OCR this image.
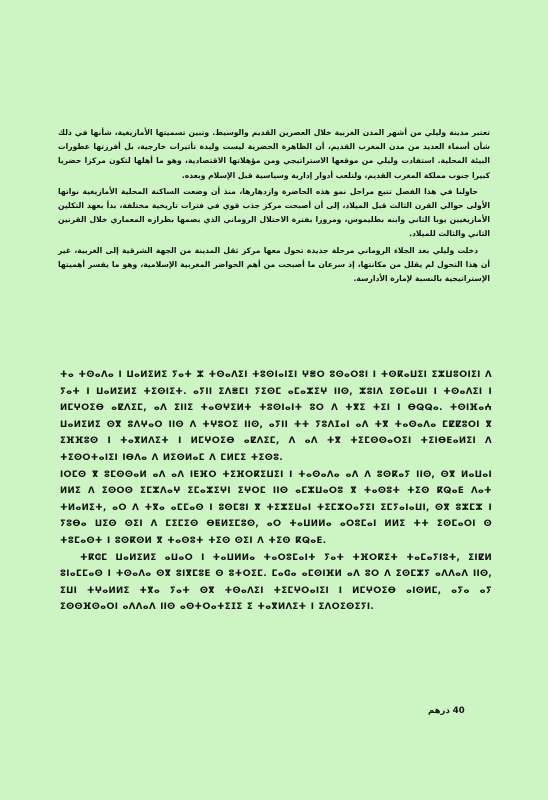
تعتبر مدينة وليلي من أشهر المدن الغربية خلال العصرين القديم والوسيط. وتبين تسميتها الأمازيغية، شأنها في ذلك شأن أسماء العديد من مدن المغرب القديم، أن الظاهرة الحضرية ليست وليدة تأثيرات خارجية، بل أفرزتها عطورات البيئة المحلية. استفادت وليلي من موقعها الاستراتيجي ومن مؤهلاتها الاقتصادية، وهو ما أهلها لتكون مركزا حضريا كبيرا جنوب مملكة المغرب القديم، ولتلعب أدوار إدارية وسياسية قبل الإسلام وبعده.

حاولنا في هذا الفصل تتبع مراحل نمو هذه الحاضرة وازدهارها، منذ أن وضعت الساكنة المحلية الأمازيغية نواتها الأولى حوالي القرن الثالث قبل الميلاد، إلى أن أصبحت مركز جذب قوي في فترات تاريخية مختلفة، بدأ بعهد التكلين الأمازيغيين يوبا الثاني وابنه بطليموس، ومرورا بفترة الاحتلال الروماني الذي بصمها بطرازه المعماري خلال القرنين الثاني والثالث للميلاد.

دخلت وليلي بعد الجلاء الروماني مرحلة جديدة تحول معها مركز ثقل المدينة من الجهة الشرقية إلى الغربية، غير أن هذا التحول لم يقلل من مكانتها، إذ سرعان ما أصبحت من أهم الحواضر المغربية الإسلامية، وهو ما يفسر أهميتها الإستراتيجية بالنسبة لإمارة الأدارسة.

ⵜⴰ ⵜⵙⴰⴷⴰ ⵏ ⵡⴰⵍⵉⵍⵉ ⵢⴰⵜ ⵣ ⵜⵙⴰⴷⵉⵏ ⵜⵓⵙⵏⴰⵏⵉⵏ ⵖⴻⵔ ⵓⵙⴰⵔⵓⵏ ⵏ ⵜⵙⴽⴰⵡⵉⵏ ⵉⵣⵡⵓⵔⵏⵉⵏ ⴷ ⵢⴰⵜ ⵏ ⵡⴰⵍⵉⵍⵉ ⵜⵉⵙⵏⵉⵜ. ⴰⵢⵏⵏ ⵉⴷⴻⵎⵏ ⵢⵉⵙⵎ ⴰⵎⴰⵣⵉⵖ ⵏⵏⵙ, ⵣⵓⵏⴷ ⵉⵙⵎⴰⵡⵏ ⵏ ⵜⵙⴰⴷⵉⵏ ⵏ ⵍⵎⵖⵔⵉⴱ ⴰⵇⴷⵉⵎ, ⴰⴷ ⵉⵏⵏⵉ ⵜⴰⵙⵖⵉⵍⵜ ⵜⵓⵙⵏⴰⵏⵜ ⵓⵔ ⴷ ⵜⴳⵉ ⵜⵉⵏ ⵏ ⴱⵕⵕⴰ. ⵜⵙⵏⴼⴰⵄ ⵡⴰⵍⵉⵍⵉ ⵙⴳ ⵓⴷⵖⴰⵔ ⵏⵏⵙ ⴷ ⵜⵖⵓⵔⵉ ⵏⵏⵙ, ⴰⵢⵏⵏ ⵜⵜ ⵢⵓⴷⵊⴰⵏ ⴰⴷ ⵜⴳ ⵜⴰⵙⴰⴷⴰ ⵎⵇⵇⵓⵔⵏ ⴳ ⵉⴼⴼⵓⵙ ⵏ ⵜⴰⴳⵍⴷⵉⵜ ⵏ ⵍⵎⵖⵔⵉⴱ ⴰⵇⴷⵉⵎ, ⴷ ⴰⴷ ⵜⴳ ⵜⵉⵎⵙⵙⴰⵔⵉⵏ ⵜⵉⵏⴱⴹⴰⵍⵉⵏ ⴷ ⵜⵉⵙⵔⵜⴰⵏⵉⵏ ⵏⴱⴷⴰ ⴷ ⵍⵉⵙⵍⴰⵎ ⴷ ⵎⵍⵎⵉ ⵜⵉⵙⵓ.

ⵏⵔⵎⵙ ⴳ ⵓⵎⵙⵙⴰⵍ ⴰⴷ ⴰⴷ ⵏⴹⴼⵔ ⵜⵉⴼⵔⴽⵉⵡⵉⵏ ⵏ ⵜⴰⵙⴰⴷⴰ ⴰⴷ ⴷ ⵓⵙⴽⴰⵢ ⵏⵏⵙ, ⵙⴳ ⵍⴰⵡⴰⵏ ⵍⵍⵉ ⴷ ⵉⵙⵔⵙ ⵉⵎⵣⴷⴰⵖ ⵉⵎⴰⵣⵉⵖⵏ ⵉⵖⵔⵎ ⵏⵏⵙ ⴰⵎⵣⵡⴰⵔⵓ ⴳ ⵜⴰⵙⵓⵜ ⵜⵉⵙ ⴽⵕⴰⴹ ⴷⴰⵜ ⵜⵍⴰⵍⵉⵜ, ⴰⵔ ⴷ ⵜⴳⴰ ⴰⵎⵎⴰⵙ ⵏ ⵓⵙⵎⵓⵏ ⴳ ⵜⵉⵣⵉⵡⴰⵏ ⵜⵉⵎⵣⵔⴰⵢⵉⵏ ⵉⵎⵢⴰⵏⴰⵡⵏ, ⵙⴳ ⵓⵣⵎⵣ ⵏ ⵢⵓⴱⴰ ⵡⵉⵙ ⵙⵉⵏ ⴷ ⵎⵉⵎⵉⵙ ⴱⵟⵍⵉⵎⵓⵙ, ⴰⵔ ⵜⴰⵡⵍⵍⴰ ⴰⵔⵓⵎⴰⵏ ⵍⵍⵉ ⵜⵜ ⵉⵙⵎⴰⵔⵏ ⵙ ⵜⵓⵎⴰⵙⵜ ⵏ ⵓⵙⴽⵙⵍ ⴳ ⵜⴰⵙⵓⵜ ⵜⵉⵙ ⵙⵉⵏ ⴷ ⵜⵉⵙ ⴽⵕⴰⴹ.

ⵜⴽⵛⵎ ⵡⴰⵍⵉⵍⵉ ⴰⵡⴰⵔ ⵏ ⵜⴰⵡⵍⵍⴰ ⵜⴰⵔⵓⵎⴰⵏⵜ ⵢⴰⵜ ⵜⴼⵔⴽⵉⵜ ⵜⴰⵎⴰⵢⵏⵓⵜ, ⵉⵏⵇⵍ ⵓⵏⴰⵎⵎⴰⵙ ⵏ ⵜⵙⴰⴷⴰ ⵙⴳ ⵓⵏⴳⵎⵓⴹ ⵙ ⵓⵜⵔⵉⵎ. ⵎⴰⵛⴰ ⴰⵎⵙⵏⴼⵍ ⴰⴷ ⵓⵔ ⴷ ⵉⵙⵎⵣⵢ ⴰⴷⴷⴰⴷ ⵏⵏⵙ, ⵉⵡⵏ ⵜⵖⴰⵍⵍⵉ ⵜⴳⴰ ⵢⴰⵜ ⵙⴳ ⵜⵙⴰⴷⵉⵏ ⵜⵉⵎⵖⵔⴰⵏⵉⵏ ⵏ ⵍⵎⵖⵔⵉⴱ ⴰⵏⵙⵍⵎ, ⴰⵢⴰ ⴰⵢ ⵉⵙⵙⴼⵙⴰⵔⵏ ⴰⴷⴷⴰⴷ ⵏⵏⵙ ⴰⵙⵜⵔⴰⵜⵉⵊⵉ ⵉ ⵜⴰⴳⵍⴷⵉⵜ ⵏ ⵉⴷⵔⵉⵙⵉⵢⵏ.

40 درهم
